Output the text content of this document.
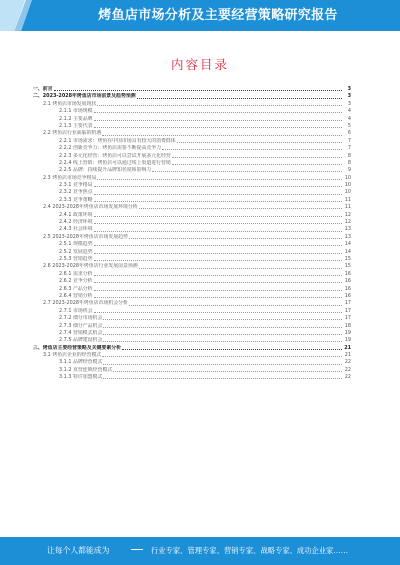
烤鱼店市场分析及主要经营策略研究报告
内容目录
一、前言	3
二、2023-2028年烤鱼店市场前景及趋势预测	3
2.1 烤鱼店市场发展现状	3
2.1.1 市场规模	4
2.1.2 主要品牌	4
2.1.3 主要代表	5
2.2 烤鱼店行业面临的机遇	6
2.2.1 市场需求：烤鱼在中国市场具有较大的消费群体	7
2.2.2 创新竞争力：烤鱼店需要不断提高竞争力	7
2.2.3 多元化经营：烤鱼店可以尝试开展多元化经营	8
2.2.4 线上营销：烤鱼店可以通过线上渠道进行营销	8
2.2.5 品牌：持续提升品牌知名度和影响力	9
2.3 烤鱼店市场竞争格局	10
2.3.1 竞争格局	10
2.3.2 竞争焦点	10
2.3.3 竞争策略	11
2.4 2023-2028年烤鱼店市场发展环境分析	11
2.4.1 政策环境	12
2.4.2 经济环境	12
2.4.3 社会环境	13
2.5 2023-2028年烤鱼店市场发展趋势	13
2.5.1 规模趋势	14
2.5.2 发展趋势	14
2.5.3 营销趋势	15
2.6 2023-2028年烤鱼店行业发展前景预测	15
2.6.1 需求分析	16
2.6.2 竞争分析	16
2.6.3 产品分析	16
2.6.4 营销分析	16
2.7 2023-2028年烤鱼店市场机会分析	17
2.7.1 市场机会	17
2.7.2 细分市场机会	17
2.7.3 细分产品机会	18
2.7.4 营销模式机会	19
2.7.5 品牌建设机会	19
三、烤鱼店主要经营策略及关键要素分析	21
3.1 烤鱼店企业的经营模式	21
3.1.1 品牌经营模式	22
3.1.2 直营连锁经营模式	22
3.1.3 特许加盟模式	22
让每个人都能成为	行业专家、管理专家、营销专家、战略专家、成功企业家……
